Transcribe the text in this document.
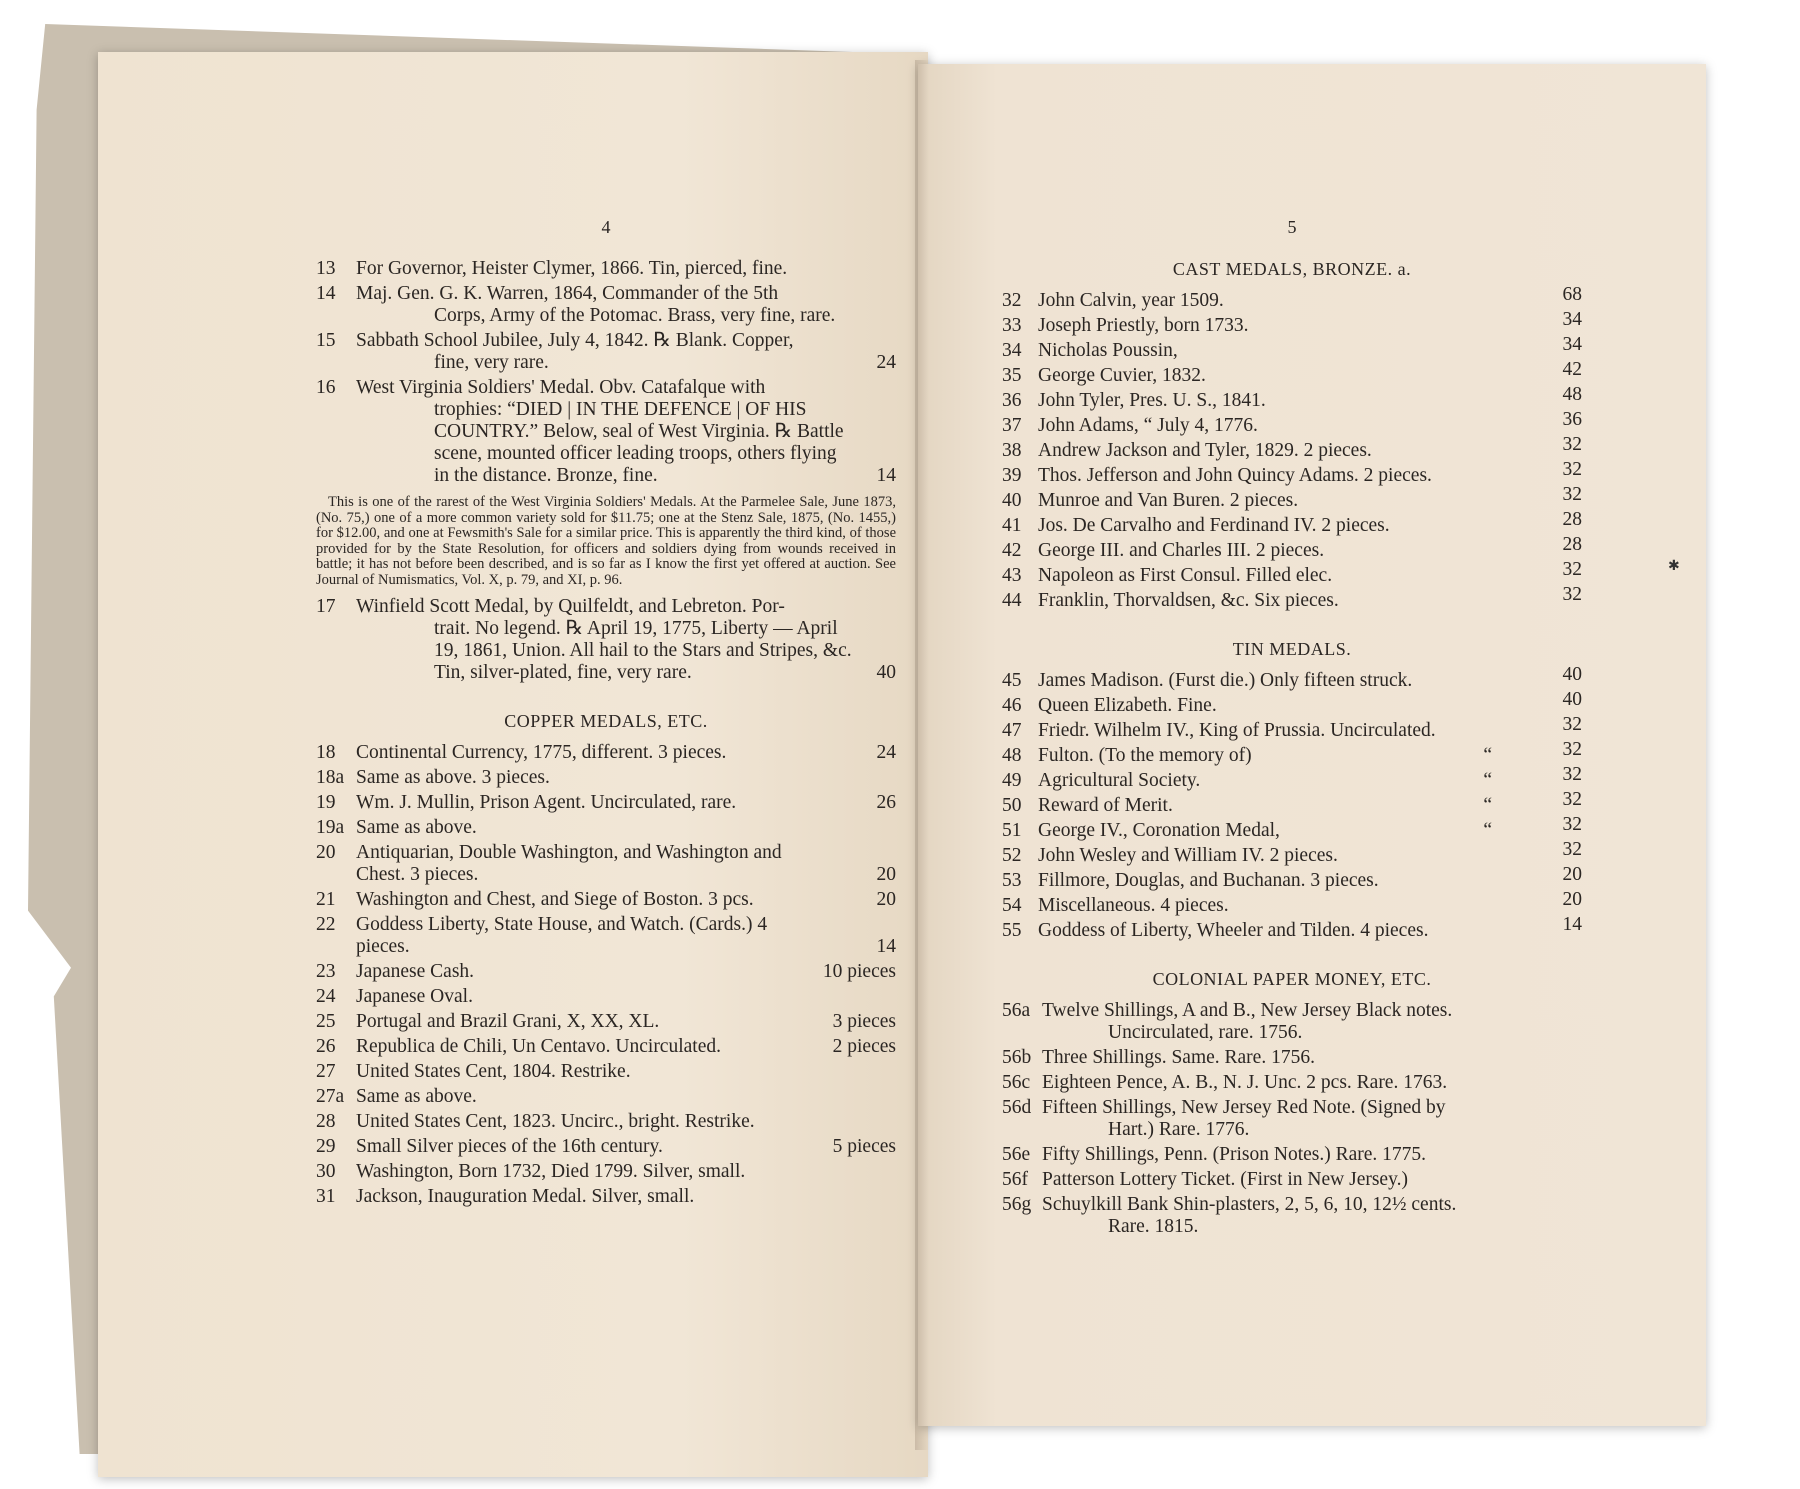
✱
4
13 For Governor, Heister Clymer, 1866. Tin, pierced, fine.
14 Maj. Gen. G. K. Warren, 1864, Commander of the 5th
Corps, Army of the Potomac. Brass, very fine, rare.
15 Sabbath School Jubilee, July 4, 1842. ℞ Blank. Copper,
fine, very rare.	24
16 West Virginia Soldiers' Medal. Obv. Catafalque with
trophies: “DIED | IN THE DEFENCE | OF HIS COUNTRY.” Below, seal of West Virginia. ℞ Battle scene, mounted officer leading troops, others flying in the distance. Bronze, fine.	14
This is one of the rarest of the West Virginia Soldiers' Medals. At the Parmelee Sale, June 1873, (No. 75,) one of a more common variety sold for $11.75; one at the Stenz Sale, 1875, (No. 1455,) for $12.00, and one at Fewsmith's Sale for a similar price. This is apparently the third kind, of those provided for by the State Resolution, for officers and soldiers dying from wounds received in battle; it has not before been described, and is so far as I know the first yet offered at auction. See Journal of Numismatics, Vol. X, p. 79, and XI, p. 96.
17 Winfield Scott Medal, by Quilfeldt, and Lebreton. Por-
trait. No legend. ℞ April 19, 1775, Liberty — April 19, 1861, Union. All hail to the Stars and Stripes, &c. Tin, silver-plated, fine, very rare.	40
COPPER MEDALS, ETC.
18 Continental Currency, 1775, different. 3 pieces.	24
18a Same as above. 3 pieces.
19 Wm. J. Mullin, Prison Agent. Uncirculated, rare.	26
19a Same as above.
20 Antiquarian, Double Washington, and Washington and Chest. 3 pieces.	20
21 Washington and Chest, and Siege of Boston. 3 pcs.	20
22 Goddess Liberty, State House, and Watch. (Cards.) 4 pieces.	14
23 Japanese Cash.	10 pieces
24 Japanese Oval.
25 Portugal and Brazil Grani, X, XX, XL.	3 pieces
26 Republica de Chili, Un Centavo. Uncirculated.	2 pieces
27 United States Cent, 1804. Restrike.
27a Same as above.
28 United States Cent, 1823. Uncirc., bright. Restrike.
29 Small Silver pieces of the 16th century.	5 pieces
30 Washington, Born 1732, Died 1799. Silver, small.
31 Jackson, Inauguration Medal. Silver, small.
5
CAST MEDALS, BRONZE. a.
32 John Calvin, year 1509.	68
33 Joseph Priestly, born 1733.	34
34 Nicholas Poussin,	34
35 George Cuvier, 1832.	42
36 John Tyler, Pres. U. S., 1841.	48
37 John Adams, “ July 4, 1776.	36
38 Andrew Jackson and Tyler, 1829. 2 pieces.	32
39 Thos. Jefferson and John Quincy Adams. 2 pieces.	32
40 Munroe and Van Buren. 2 pieces.	32
41 Jos. De Carvalho and Ferdinand IV. 2 pieces.	28
42 George III. and Charles III. 2 pieces.	28
43 Napoleon as First Consul. Filled elec.	32
44 Franklin, Thorvaldsen, &c. Six pieces.	32
TIN MEDALS.
45 James Madison. (Furst die.) Only fifteen struck.	40
46 Queen Elizabeth. Fine.	40
47 Friedr. Wilhelm IV., King of Prussia. Uncirculated.	32
48 Fulton. (To the memory of)	“	32
49 Agricultural Society.	“	32
50 Reward of Merit.	“	32
51 George IV., Coronation Medal,	“	32
52 John Wesley and William IV. 2 pieces.	32
53 Fillmore, Douglas, and Buchanan. 3 pieces.	20
54 Miscellaneous. 4 pieces.	20
55 Goddess of Liberty, Wheeler and Tilden. 4 pieces.	14
COLONIAL PAPER MONEY, ETC.
56a Twelve Shillings, A and B., New Jersey Black notes.
Uncirculated, rare. 1756.
56b Three Shillings. Same. Rare. 1756.
56c Eighteen Pence, A. B., N. J. Unc. 2 pcs. Rare. 1763.
56d Fifteen Shillings, New Jersey Red Note. (Signed by
Hart.) Rare. 1776.
56e Fifty Shillings, Penn. (Prison Notes.) Rare. 1775.
56f Patterson Lottery Ticket. (First in New Jersey.)
56g Schuylkill Bank Shin-plasters, 2, 5, 6, 10, 12½ cents.
Rare. 1815.
